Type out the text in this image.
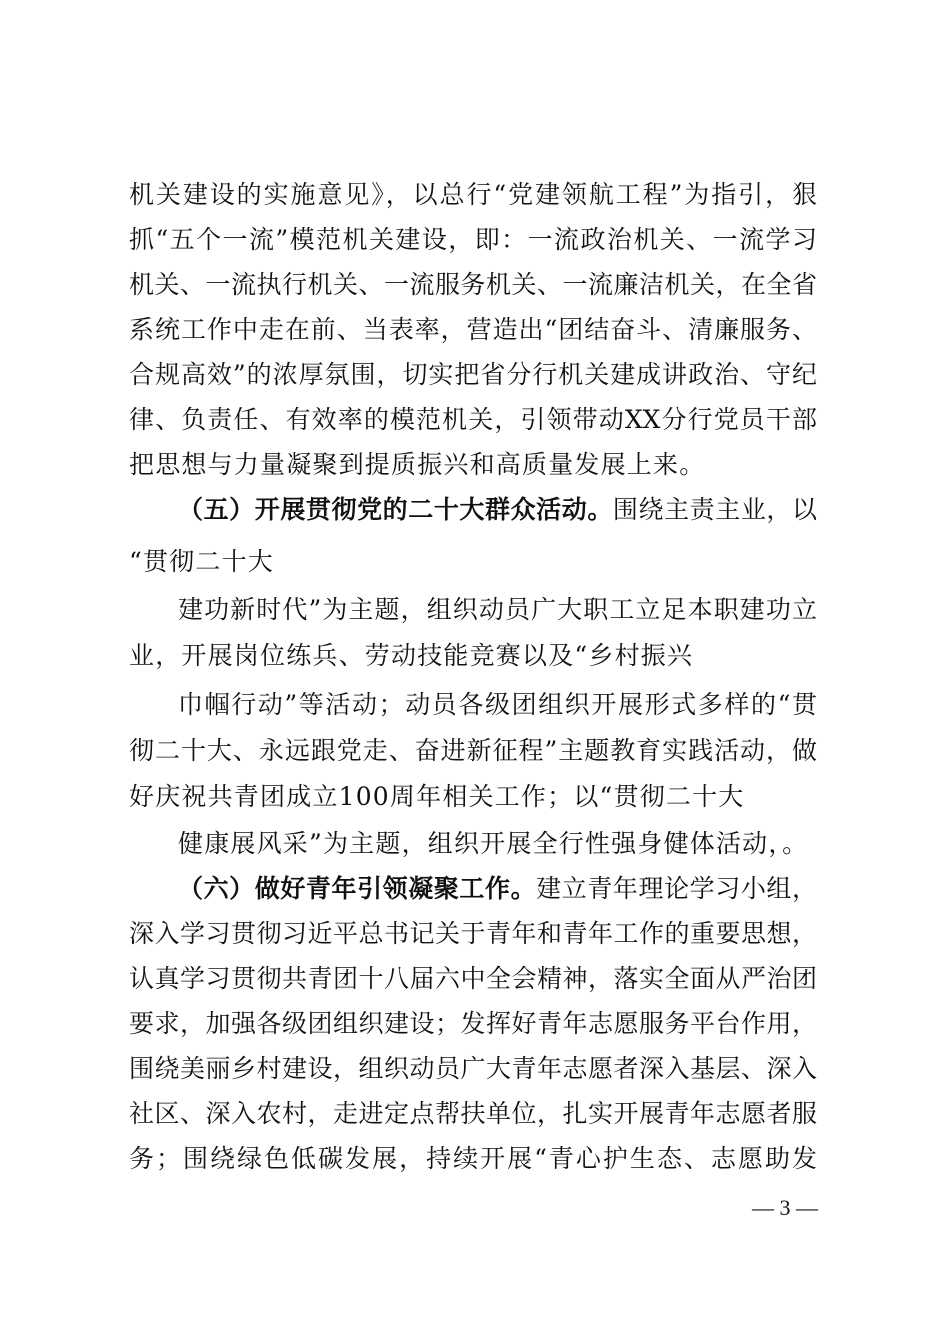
机关建设的实施意见》，以总行“党建领航工程”为指引，狠
抓“五个一流”模范机关建设，即：一流政治机关、一流学习
机关、一流执行机关、一流服务机关、一流廉洁机关，在全省
系统工作中走在前、当表率，营造出“团结奋斗、清廉服务、
合规高效”的浓厚氛围，切实把省分行机关建成讲政治、守纪
律、负责任、有效率的模范机关，引领带动XX分行党员干部
把思想与力量凝聚到提质振兴和高质量发展上来。
（五）开展贯彻党的二十大群众活动。围绕主责主业，以
“贯彻二十大
建功新时代”为主题，组织动员广大职工立足本职建功立
业，开展岗位练兵、劳动技能竞赛以及“乡村振兴
巾帼行动”等活动；动员各级团组织开展形式多样的“贯
彻二十大、永远跟党走、奋进新征程”主题教育实践活动，做
好庆祝共青团成立100周年相关工作；以“贯彻二十大
健康展风采”为主题，组织开展全行性强身健体活动，。
（六）做好青年引领凝聚工作。建立青年理论学习小组，
深入学习贯彻习近平总书记关于青年和青年工作的重要思想，
认真学习贯彻共青团十八届六中全会精神，落实全面从严治团
要求，加强各级团组织建设；发挥好青年志愿服务平台作用，
围绕美丽乡村建设，组织动员广大青年志愿者深入基层、深入
社区、深入农村，走进定点帮扶单位，扎实开展青年志愿者服
务；围绕绿色低碳发展，持续开展“青心护生态、志愿助发
— 3 —
